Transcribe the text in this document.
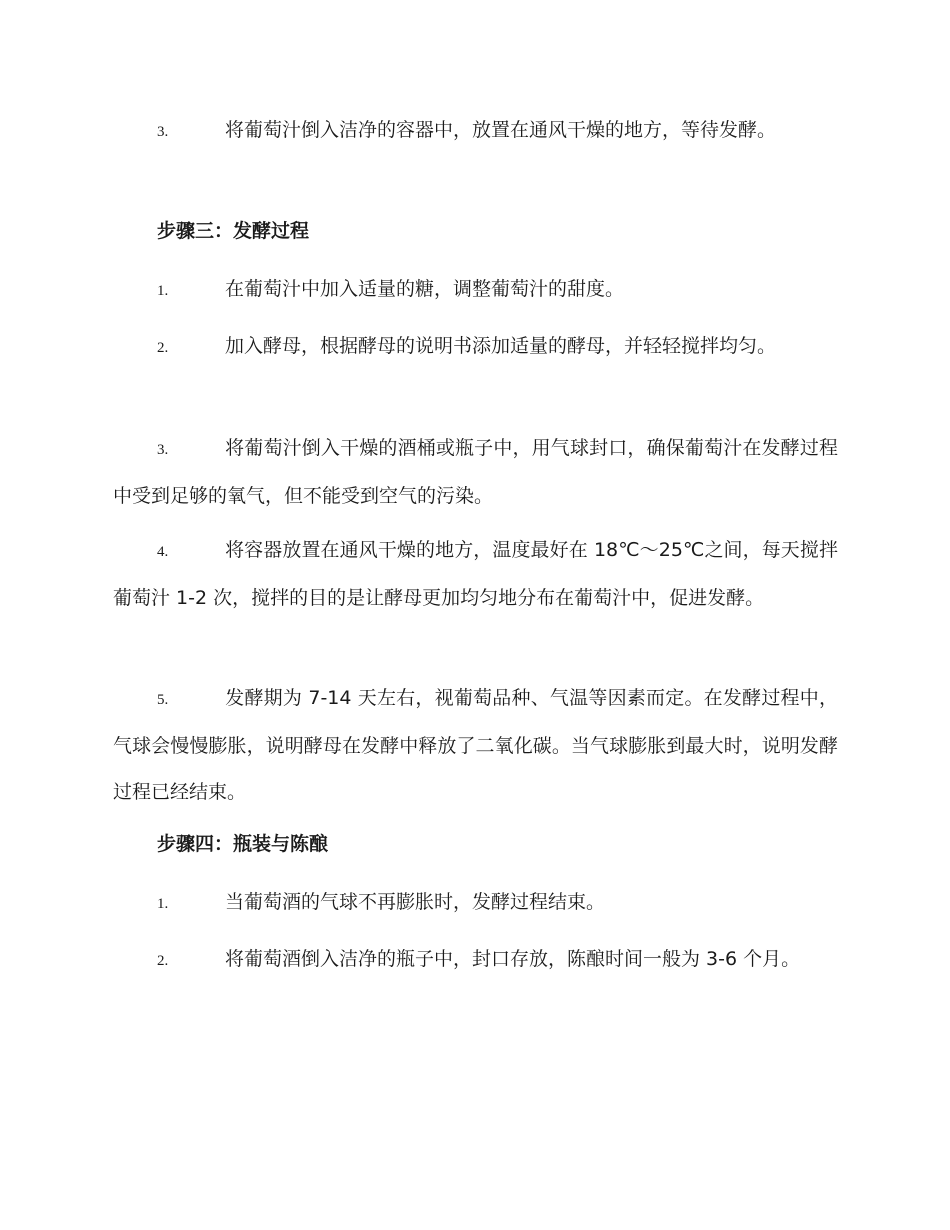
3.	将葡萄汁倒入洁净的容器中，放置在通风干燥的地方，等待发酵。
步骤三：发酵过程
1.	在葡萄汁中加入适量的糖，调整葡萄汁的甜度。
2.	加入酵母，根据酵母的说明书添加适量的酵母，并轻轻搅拌均匀。
3.	将葡萄汁倒入干燥的酒桶或瓶子中，用气球封口，确保葡萄汁在发酵过程中受到足够的氧气，但不能受到空气的污染。
4.	将容器放置在通风干燥的地方，温度最好在 18℃～25℃之间，每天搅拌葡萄汁 1-2 次，搅拌的目的是让酵母更加均匀地分布在葡萄汁中，促进发酵。
5.	发酵期为 7-14 天左右，视葡萄品种、气温等因素而定。在发酵过程中，气球会慢慢膨胀，说明酵母在发酵中释放了二氧化碳。当气球膨胀到最大时，说明发酵过程已经结束。
步骤四：瓶装与陈酿
1.	当葡萄酒的气球不再膨胀时，发酵过程结束。
2.	将葡萄酒倒入洁净的瓶子中，封口存放，陈酿时间一般为 3-6 个月。
